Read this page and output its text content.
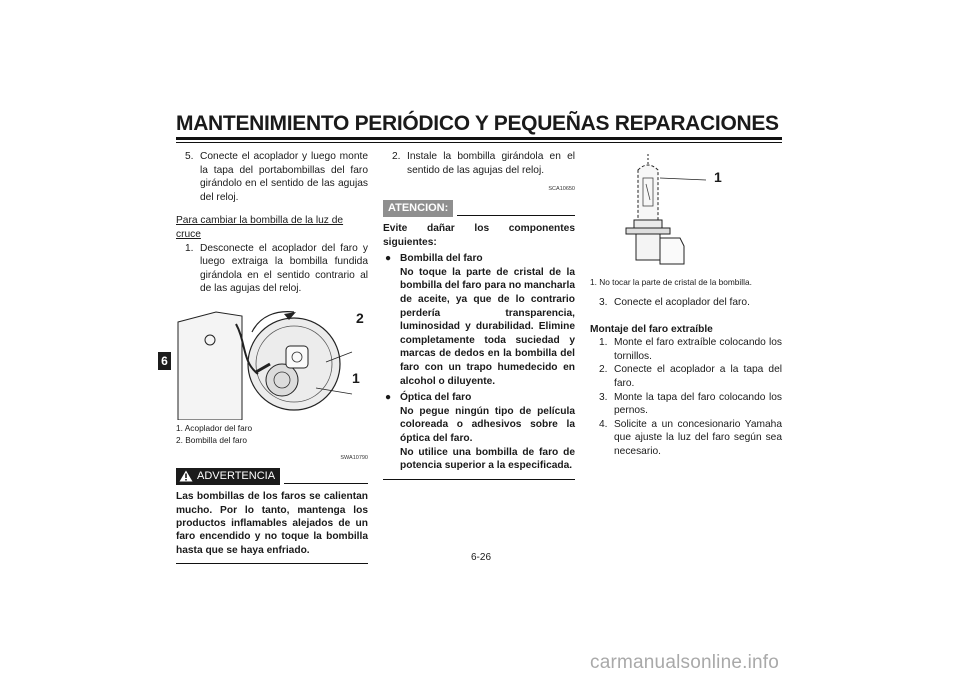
MANTENIMIENTO PERIÓDICO Y PEQUEÑAS REPARACIONES
6

5. Conecte el acoplador y luego monte la tapa del portabombillas del faro girándolo en el sentido de las agujas del reloj.

Para cambiar la bombilla de la luz de cruce

1. Desconecte el acoplador del faro y luego extraiga la bombilla fundida girándola en el sentido contrario al de las agujas del reloj.

2
1
1. Acoplador del faro
2. Bombilla del faro
SWA10790
ADVERTENCIA
Las bombillas de los faros se calientan mucho. Por lo tanto, mantenga los productos inflamables alejados de un faro encendido y no toque la bombilla hasta que se haya enfriado.

2. Instale la bombilla girándola en el sentido de las agujas del reloj.

SCA10650
ATENCION:
Evite dañar los componentes siguientes:
● Bombilla del faro
No toque la parte de cristal de la bombilla del faro para no mancharla de aceite, ya que de lo contrario perdería transparencia, luminosidad y durabilidad. Elimine completamente toda suciedad y marcas de dedos en la bombilla del faro con un trapo humedecido en alcohol o diluyente.
● Óptica del faro
No pegue ningún tipo de película coloreada o adhesivos sobre la óptica del faro.
No utilice una bombilla de faro de potencia superior a la especificada.
1
1. No tocar la parte de cristal de la bombilla.

3. Conecte el acoplador del faro.

Montaje del faro extraíble

1. Monte el faro extraíble colocando los tornillos.

2. Conecte el acoplador a la tapa del faro.

3. Monte la tapa del faro colocando los pernos.

4. Solicite a un concesionario Yamaha que ajuste la luz del faro según sea necesario.

6-26
carmanualsonline.info
